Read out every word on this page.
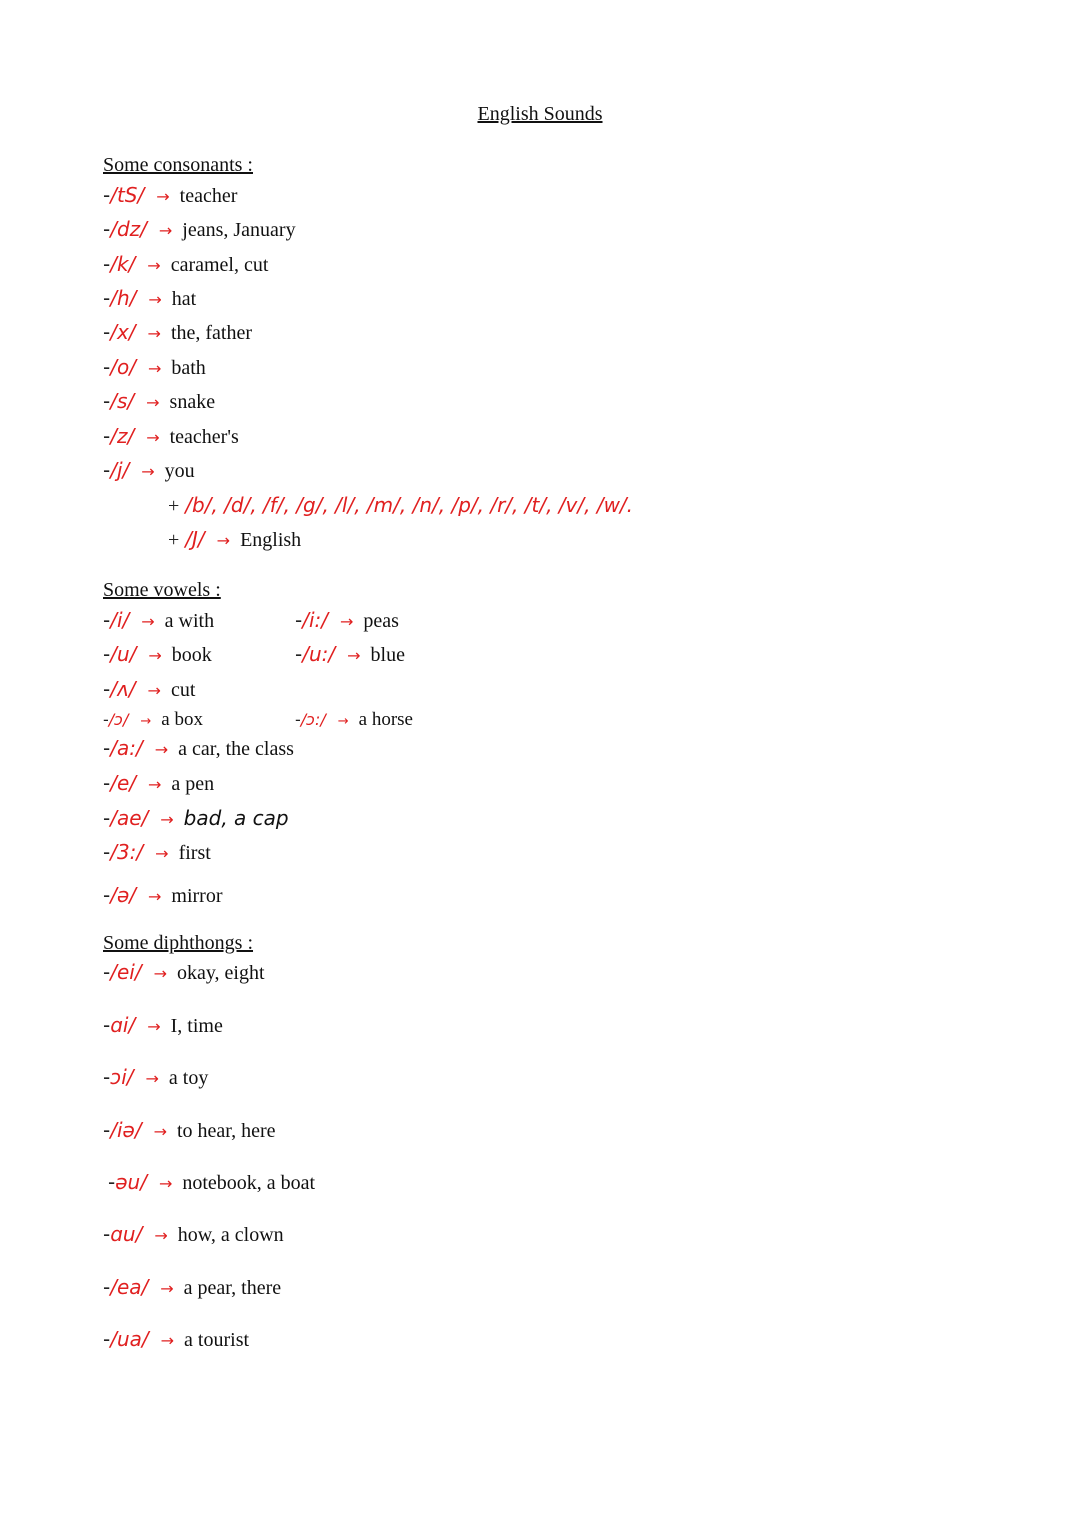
English Sounds
Some consonants :
-/tS/ → teacher
-/dz/ → jeans, January
-/k/ → caramel, cut
-/h/ → hat
-/x/ → the, father
-/o/ → bath
-/s/ → snake
-/z/ → teacher's
-/j/ → you
+ /b/, /d/, /f/, /g/, /l/, /m/, /n/, /p/, /r/, /t/, /v/, /w/.
+ /J/ → English
Some vowels :
-/i/ → a with
-/u/ → book
-/ʌ/ → cut
-/ɔ/ → a box
-/a:/ → a car, the class
-/e/ → a pen
-/ae/ → bad, a cap
-/3:/ → first
-/ə/ → mirror
-/i:/ → peas
-/u:/ → blue
-/ɔ:/ → a horse
Some diphthongs :
-/ei/ → okay, eight
-ɑi/ → I, time
-ɔi/ → a toy
-/iə/ → to hear, here
-əu/ → notebook, a boat
-ɑu/ → how, a clown
-/ea/ → a pear, there
-/ua/ → a tourist
